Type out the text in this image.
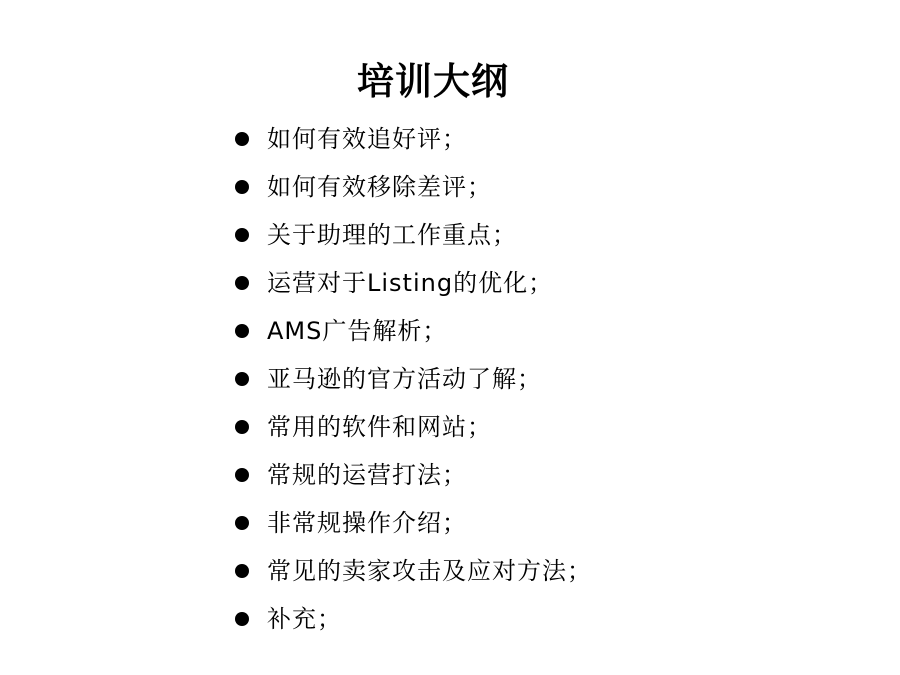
培训大纲
如何有效追好评；
如何有效移除差评；
关于助理的工作重点；
运营对于Listing的优化；
AMS广告解析；
亚马逊的官方活动了解；
常用的软件和网站；
常规的运营打法；
非常规操作介绍；
常见的卖家攻击及应对方法；
补充；
